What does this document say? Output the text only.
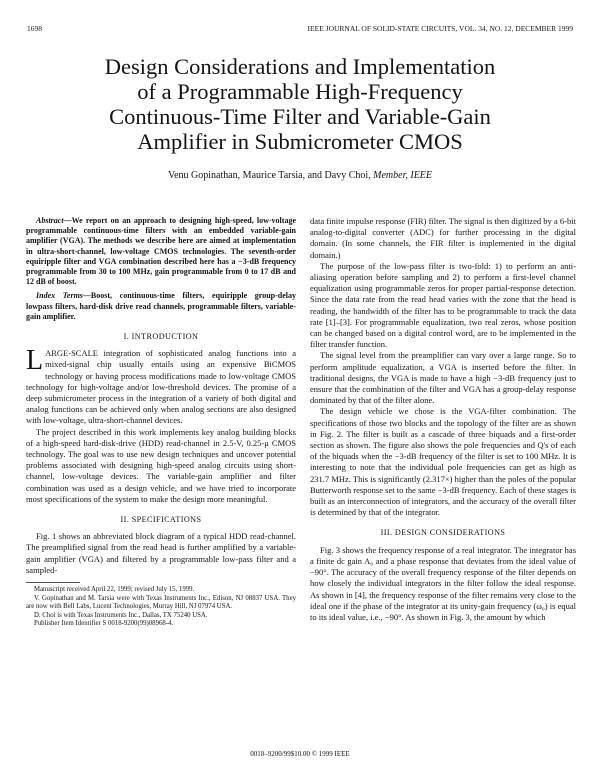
1698	IEEE JOURNAL OF SOLID-STATE CIRCUITS, VOL. 34, NO. 12, DECEMBER 1999
Design Considerations and Implementation
of a Programmable High-Frequency
Continuous-Time Filter and Variable-Gain
Amplifier in Submicrometer CMOS
Venu Gopinathan, Maurice Tarsia, and Davy Choi, Member, IEEE

Abstract—We report on an approach to designing high-speed, low-voltage programmable continuous-time filters with an embedded variable-gain amplifier (VGA). The methods we describe here are aimed at implementation in ultra-short-channel, low-voltage CMOS technologies. The seventh-order equiripple filter and VGA combination described here has a −3-dB frequency programmable from 30 to 100 MHz, gain programmable from 0 to 17 dB and 12 dB of boost.

Index Terms—Boost, continuous-time filters, equiripple group-delay lowpass filters, hard-disk drive read channels, programmable filters, variable-gain amplifier.

I. INTRODUCTION

LARGE-SCALE integration of sophisticated analog functions into a mixed-signal chip usually entails using an expensive BiCMOS technology or having process modifications made to low-voltage CMOS technology for high-voltage and/or low-threshold devices. The promise of a deep submicrometer process in the integration of a variety of both digital and analog functions can be achieved only when analog sections are also designed with low-voltage, ultra-short-channel devices.

The project described in this work implements key analog building blocks of a high-speed hard-disk-drive (HDD) read-channel in 2.5-V, 0.25-μ CMOS technology. The goal was to use new design techniques and uncover potential problems associated with designing high-speed analog circuits using short-channel, low-voltage devices. The variable-gain amplifier and filter combination was used as a design vehicle, and we have tried to incorporate most specifications of the system to make the design more meaningful.

II. SPECIFICATIONS

Fig. 1 shows an abbreviated block diagram of a typical HDD read-channel. The preamplified signal from the read head is further amplified by a variable-gain amplifier (VGA) and filtered by a programmable low-pass filter and a sampled-

Manuscript received April 22, 1999; revised July 15, 1999.

V. Gopinathan and M. Tarsia were with Texas Instruments Inc., Edison, NJ 08837 USA. They are now with Bell Labs, Lucent Technologies, Murray Hill, NJ 07974 USA.

D. Choi is with Texas Instruments Inc., Dallas, TX 75240 USA.

Publisher Item Identifier S 0018-9200(99)08968-4.

data finite impulse response (FIR) filter. The signal is then digitized by a 6-bit analog-to-digital converter (ADC) for further processing in the digital domain. (In some channels, the FIR filter is implemented in the digital domain.)

The purpose of the low-pass filter is two-fold: 1) to perform an anti-aliasing operation before sampling and 2) to perform a first-level channel equalization using programmable zeros for proper partial-response detection. Since the data rate from the read head varies with the zone that the head is reading, the bandwidth of the filter has to be programmable to track the data rate [1]–[3]. For programmable equalization, two real zeros, whose position can be changed based on a digital control word, are to be implemented in the filter transfer function.

The signal level from the preamplifier can vary over a large range. So to perform amplitude equalization, a VGA is inserted before the filter. In traditional designs, the VGA is made to have a high −3-dB frequency just to ensure that the combination of the filter and VGA has a group-delay response dominated by that of the filter alone.

The design vehicle we chose is the VGA-filter combination. The specifications of those two blocks and the topology of the filter are as shown in Fig. 2. The filter is built as a cascade of three biquads and a first-order section as shown. The figure also shows the pole frequencies and Q's of each of the biquads when the −3-dB frequency of the filter is set to 100 MHz. It is interesting to note that the individual pole frequencies can get as high as 231.7 MHz. This is significantly (2.317×) higher than the poles of the popular Butterworth response set to the same −3-dB frequency. Each of these stages is built as an interconnection of integrators, and the accuracy of the overall filter is determined by that of the integrator.

III. DESIGN CONSIDERATIONS

Fig. 3 shows the frequency response of a real integrator. The integrator has a finite dc gain A₀ and a phase response that deviates from the ideal value of −90°. The accuracy of the overall frequency response of the filter depends on how closely the individual integrators in the filter follow the ideal response. As shown in [4], the frequency response of the filter remains very close to the ideal one if the phase of the integrator at its unity-gain frequency (ω₀) is equal to its ideal value, i.e., −90°. As shown in Fig. 3, the amount by which

0018–9200/99$10.00 © 1999 IEEE
